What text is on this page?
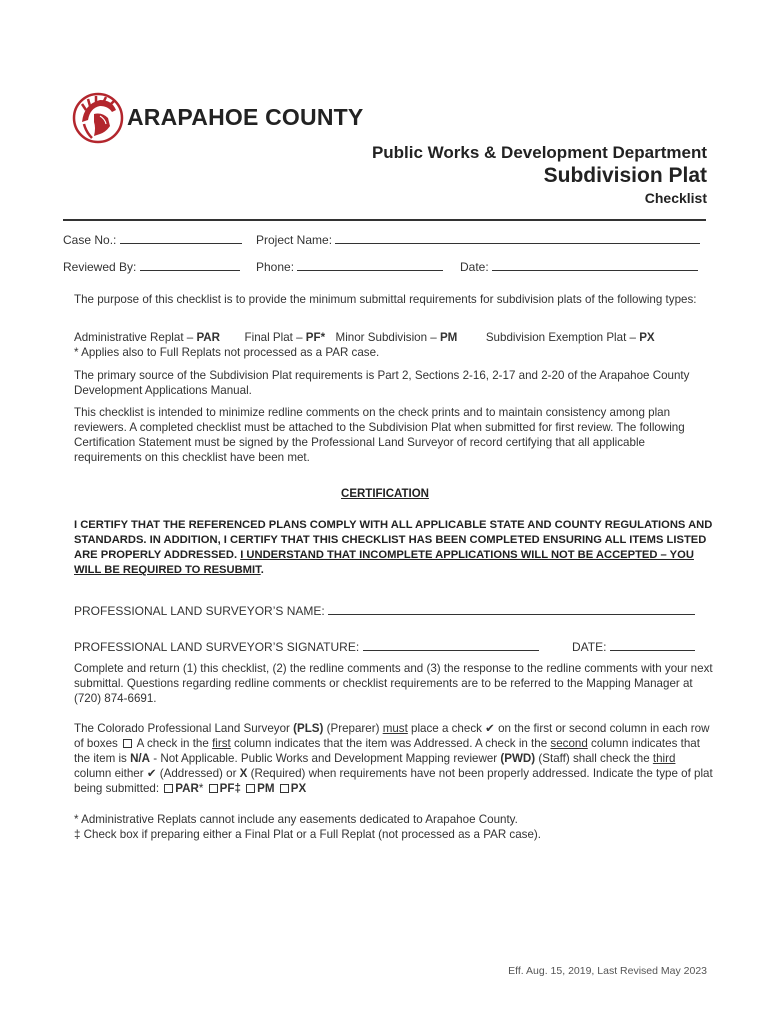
ARAPAHOE COUNTY
Public Works & Development Department
Subdivision Plat
Checklist
Case No.:	Project Name:
Reviewed By:	Phone:	Date:
The purpose of this checklist is to provide the minimum submittal requirements for subdivision plats of the following types:
Administrative Replat – PAR Final Plat – PF* Minor Subdivision – PM Subdivision Exemption Plat – PX
* Applies also to Full Replats not processed as a PAR case.
The primary source of the Subdivision Plat requirements is Part 2, Sections 2-16, 2-17 and 2-20 of the Arapahoe County Development Applications Manual.
This checklist is intended to minimize redline comments on the check prints and to maintain consistency among plan reviewers. A completed checklist must be attached to the Subdivision Plat when submitted for first review. The following Certification Statement must be signed by the Professional Land Surveyor of record certifying that all applicable requirements on this checklist have been met.
CERTIFICATION
I CERTIFY THAT THE REFERENCED PLANS COMPLY WITH ALL APPLICABLE STATE AND COUNTY REGULATIONS AND STANDARDS. IN ADDITION, I CERTIFY THAT THIS CHECKLIST HAS BEEN COMPLETED ENSURING ALL ITEMS LISTED ARE PROPERLY ADDRESSED. I UNDERSTAND THAT INCOMPLETE APPLICATIONS WILL NOT BE ACCEPTED – YOU WILL BE REQUIRED TO RESUBMIT.
PROFESSIONAL LAND SURVEYOR’S NAME:
PROFESSIONAL LAND SURVEYOR’S SIGNATURE:	DATE:
Complete and return (1) this checklist, (2) the redline comments and (3) the response to the redline comments with your next submittal. Questions regarding redline comments or checklist requirements are to be referred to the Mapping Manager at (720) 874-6691.
The Colorado Professional Land Surveyor (PLS) (Preparer) must place a check ✔ on the first or second column in each row of boxes  A check in the first column indicates that the item was Addressed. A check in the second column indicates that the item is N/A - Not Applicable. Public Works and Development Mapping reviewer (PWD) (Staff) shall check the third column either ✔ (Addressed) or X (Required) when requirements have not been properly addressed. Indicate the type of plat being submitted: PAR* PF‡ PM PX
* Administrative Replats cannot include any easements dedicated to Arapahoe County.
‡ Check box if preparing either a Final Plat or a Full Replat (not processed as a PAR case).
Eff. Aug. 15, 2019, Last Revised May 2023
